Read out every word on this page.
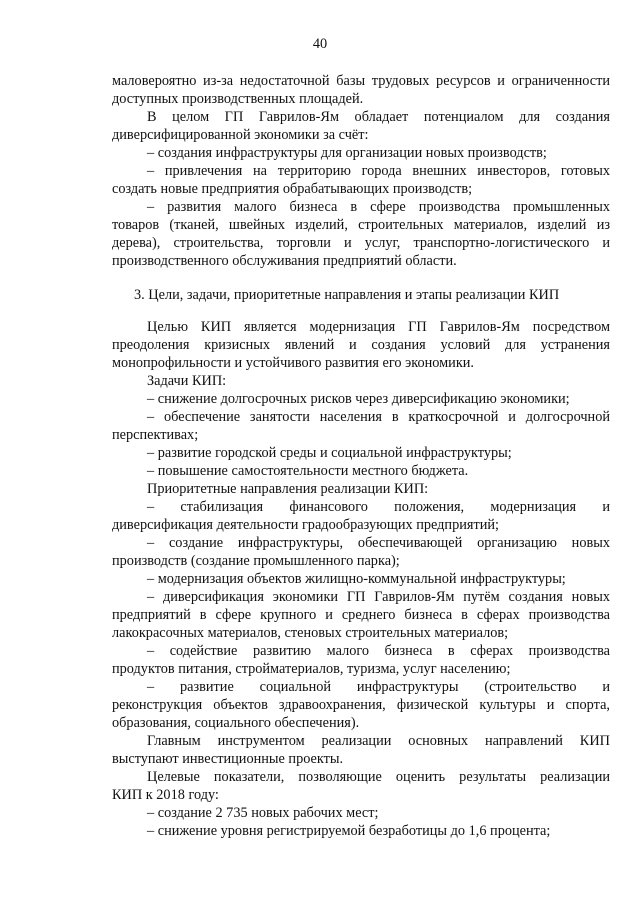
40
маловероятно из-за недостаточной базы трудовых ресурсов и ограниченности
доступных производственных площадей.
В целом ГП Гаврилов-Ям обладает потенциалом для создания
диверсифицированной экономики за счёт:
– создания инфраструктуры для организации новых производств;
– привлечения на территорию города внешних инвесторов, готовых
создать новые предприятия обрабатывающих производств;
– развития малого бизнеса в сфере производства промышленных
товаров (тканей, швейных изделий, строительных материалов, изделий из
дерева), строительства, торговли и услуг, транспортно-логистического и
производственного обслуживания предприятий области.
3. Цели, задачи, приоритетные направления и этапы реализации КИП
Целью КИП является модернизация ГП Гаврилов-Ям посредством
преодоления кризисных явлений и создания условий для устранения
монопрофильности и устойчивого развития его экономики.
Задачи КИП:
– снижение долгосрочных рисков через диверсификацию экономики;
– обеспечение занятости населения в краткосрочной и долгосрочной
перспективах;
– развитие городской среды и социальной инфраструктуры;
– повышение самостоятельности местного бюджета.
Приоритетные направления реализации КИП:
– стабилизация финансового положения, модернизация и
диверсификация деятельности градообразующих предприятий;
– создание инфраструктуры, обеспечивающей организацию новых
производств (создание промышленного парка);
– модернизация объектов жилищно-коммунальной инфраструктуры;
– диверсификация экономики ГП Гаврилов-Ям путём создания новых
предприятий в сфере крупного и среднего бизнеса в сферах производства
лакокрасочных материалов, стеновых строительных материалов;
– содействие развитию малого бизнеса в сферах производства
продуктов питания, стройматериалов, туризма, услуг населению;
– развитие социальной инфраструктуры (строительство и
реконструкция объектов здравоохранения, физической культуры и спорта,
образования, социального обеспечения).
Главным инструментом реализации основных направлений КИП
выступают инвестиционные проекты.
Целевые показатели, позволяющие оценить результаты реализации
КИП к 2018 году:
– создание 2 735 новых рабочих мест;
– снижение уровня регистрируемой безработицы до 1,6 процента;
